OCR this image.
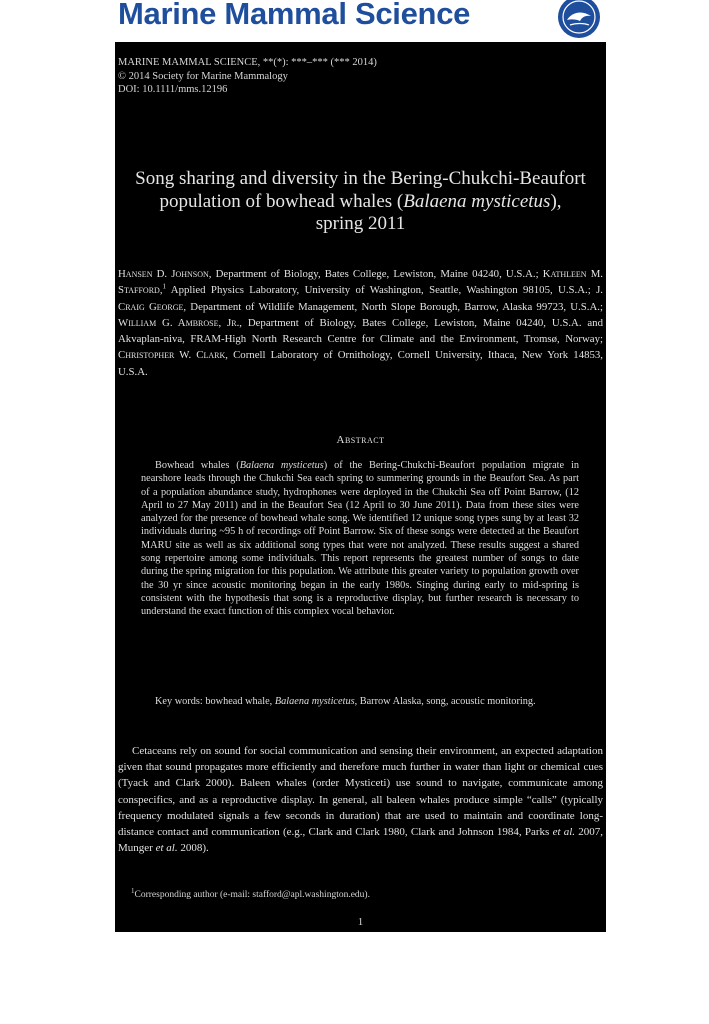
Marine Mammal Science
MARINE MAMMAL SCIENCE, **(*): ***–*** (*** 2014)
© 2014 Society for Marine Mammalogy
DOI: 10.1111/mms.12196
Song sharing and diversity in the Bering-Chukchi-Beaufort population of bowhead whales (Balaena mysticetus), spring 2011
Hansen D. Johnson, Department of Biology, Bates College, Lewiston, Maine 04240, U.S.A.; Kathleen M. Stafford,$^1$ Applied Physics Laboratory, University of Washington, Seattle, Washington 98105, U.S.A.; J. Craig George, Department of Wildlife Management, North Slope Borough, Barrow, Alaska 99723, U.S.A.; William G. Ambrose, Jr., Department of Biology, Bates College, Lewiston, Maine 04240, U.S.A. and Akvaplan-niva, FRAM-High North Research Centre for Climate and the Environment, Tromsø, Norway; Christopher W. Clark, Cornell Laboratory of Ornithology, Cornell University, Ithaca, New York 14853, U.S.A.
Abstract
Bowhead whales (Balaena mysticetus) of the Bering-Chukchi-Beaufort population migrate in nearshore leads through the Chukchi Sea each spring to summering grounds in the Beaufort Sea. As part of a population abundance study, hydrophones were deployed in the Chukchi Sea off Point Barrow, (12 April to 27 May 2011) and in the Beaufort Sea (12 April to 30 June 2011). Data from these sites were analyzed for the presence of bowhead whale song. We identified 12 unique song types sung by at least 32 individuals during ~95 h of recordings off Point Barrow. Six of these songs were detected at the Beaufort MARU site as well as six additional song types that were not analyzed. These results suggest a shared song repertoire among some individuals. This report represents the greatest number of songs to date during the spring migration for this population. We attribute this greater variety to population growth over the 30 yr since acoustic monitoring began in the early 1980s. Singing during early to mid-spring is consistent with the hypothesis that song is a reproductive display, but further research is necessary to understand the exact function of this complex vocal behavior.
Key words: bowhead whale, Balaena mysticetus, Barrow Alaska, song, acoustic monitoring.
Cetaceans rely on sound for social communication and sensing their environment, an expected adaptation given that sound propagates more efficiently and therefore much further in water than light or chemical cues (Tyack and Clark 2000). Baleen whales (order Mysticeti) use sound to navigate, communicate among conspecifics, and as a reproductive display. In general, all baleen whales produce simple “calls” (typically frequency modulated signals a few seconds in duration) that are used to maintain and coordinate long-distance contact and communication (e.g., Clark and Clark 1980, Clark and Johnson 1984, Parks et al. 2007, Munger et al. 2008).
$^1$Corresponding author (e-mail: stafford@apl.washington.edu).
1
